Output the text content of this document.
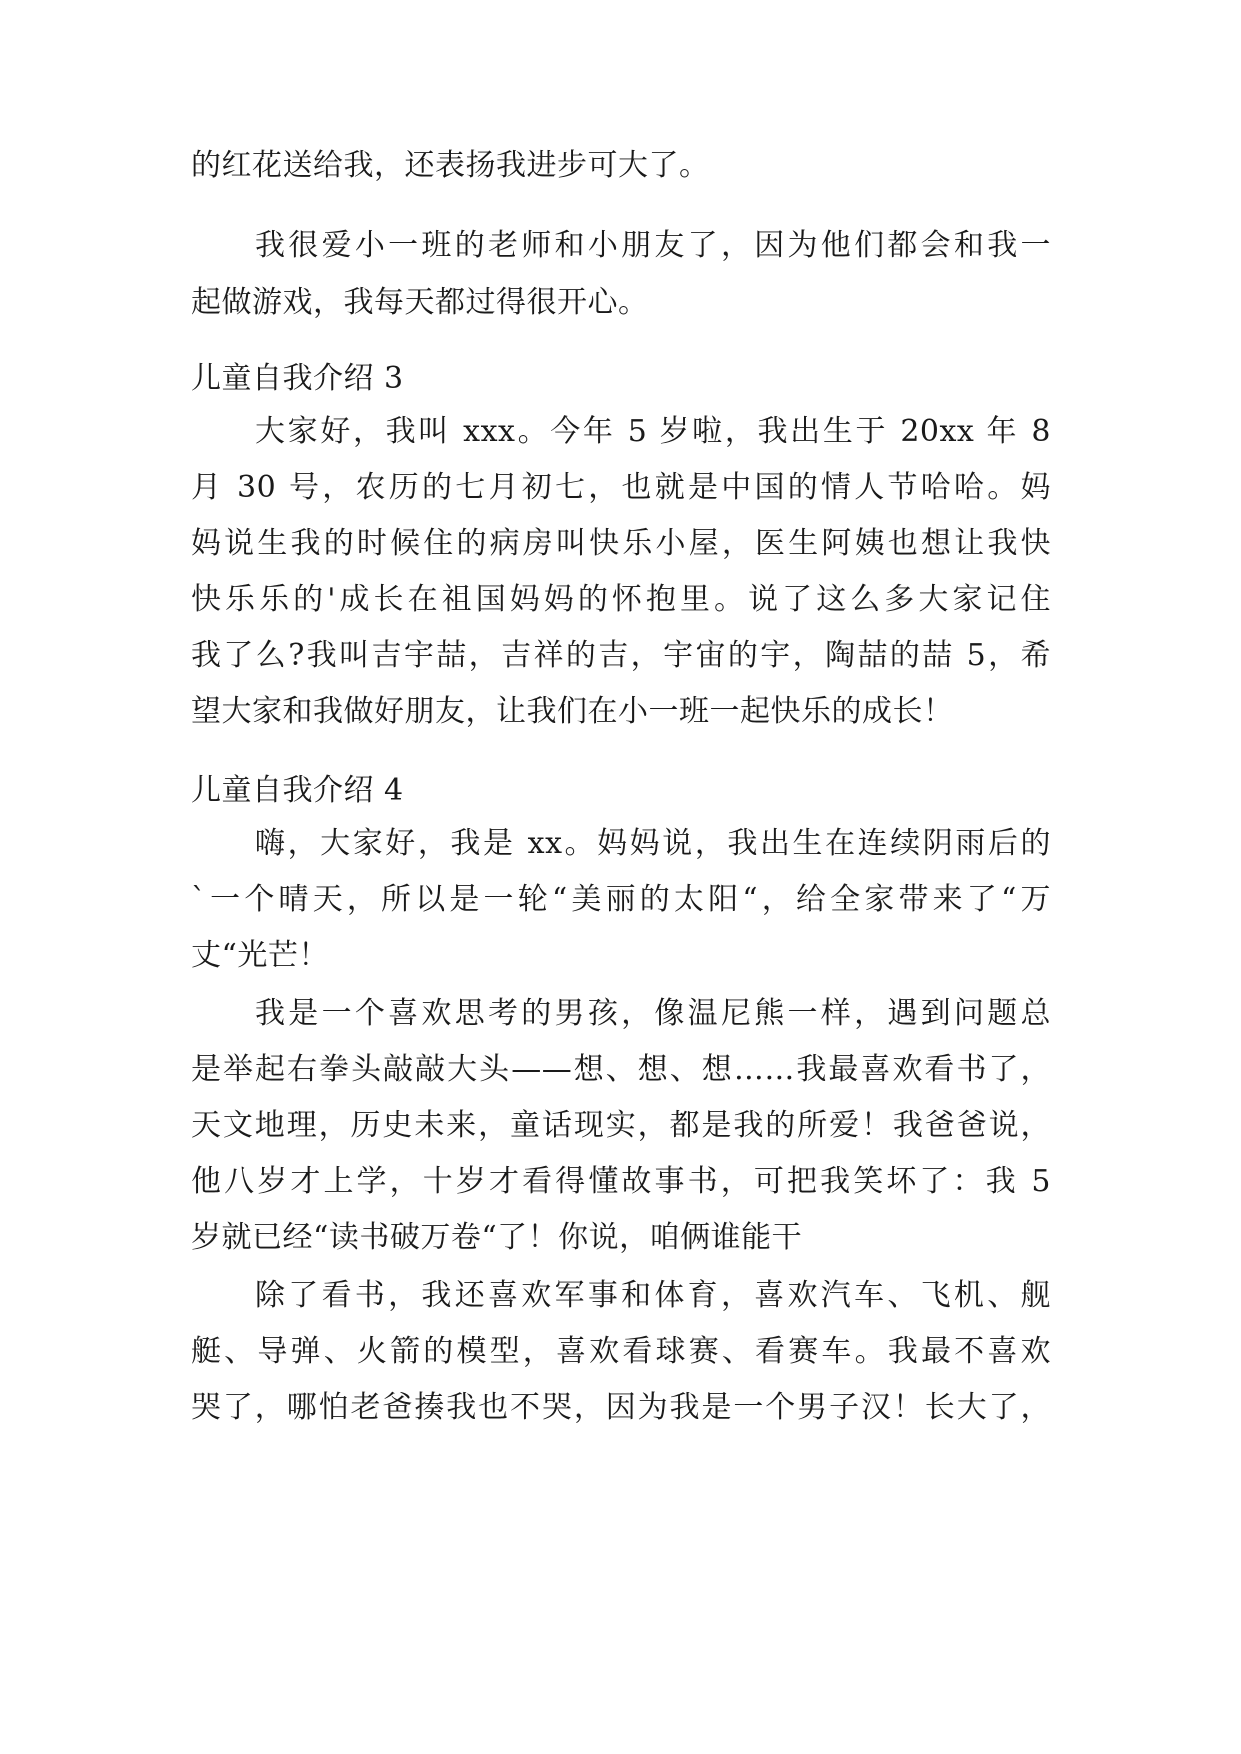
的红花送给我，还表扬我进步可大了。
我很爱小一班的老师和小朋友了，因为他们都会和我一
起做游戏，我每天都过得很开心。
儿童自我介绍 3
大家好，我叫 xxx。今年 5 岁啦，我出生于 20xx 年 8
月 30 号，农历的七月初七，也就是中国的情人节哈哈。妈
妈说生我的时候住的病房叫快乐小屋，医生阿姨也想让我快
快乐乐的'成长在祖国妈妈的怀抱里。说了这么多大家记住
我了么?我叫吉宇喆，吉祥的吉，宇宙的宇，陶喆的喆 5，希
望大家和我做好朋友，让我们在小一班一起快乐的成长！
儿童自我介绍 4
嗨，大家好，我是 xx。妈妈说，我出生在连续阴雨后的
`一个晴天，所以是一轮“美丽的太阳“，给全家带来了“万
丈“光芒！
我是一个喜欢思考的男孩，像温尼熊一样，遇到问题总
是举起右拳头敲敲大头——想、想、想……我最喜欢看书了，
天文地理，历史未来，童话现实，都是我的所爱！我爸爸说，
他八岁才上学，十岁才看得懂故事书，可把我笑坏了：我 5
岁就已经“读书破万卷“了！你说，咱俩谁能干
除了看书，我还喜欢军事和体育，喜欢汽车、飞机、舰
艇、导弹、火箭的模型，喜欢看球赛、看赛车。我最不喜欢
哭了，哪怕老爸揍我也不哭，因为我是一个男子汉！长大了，
